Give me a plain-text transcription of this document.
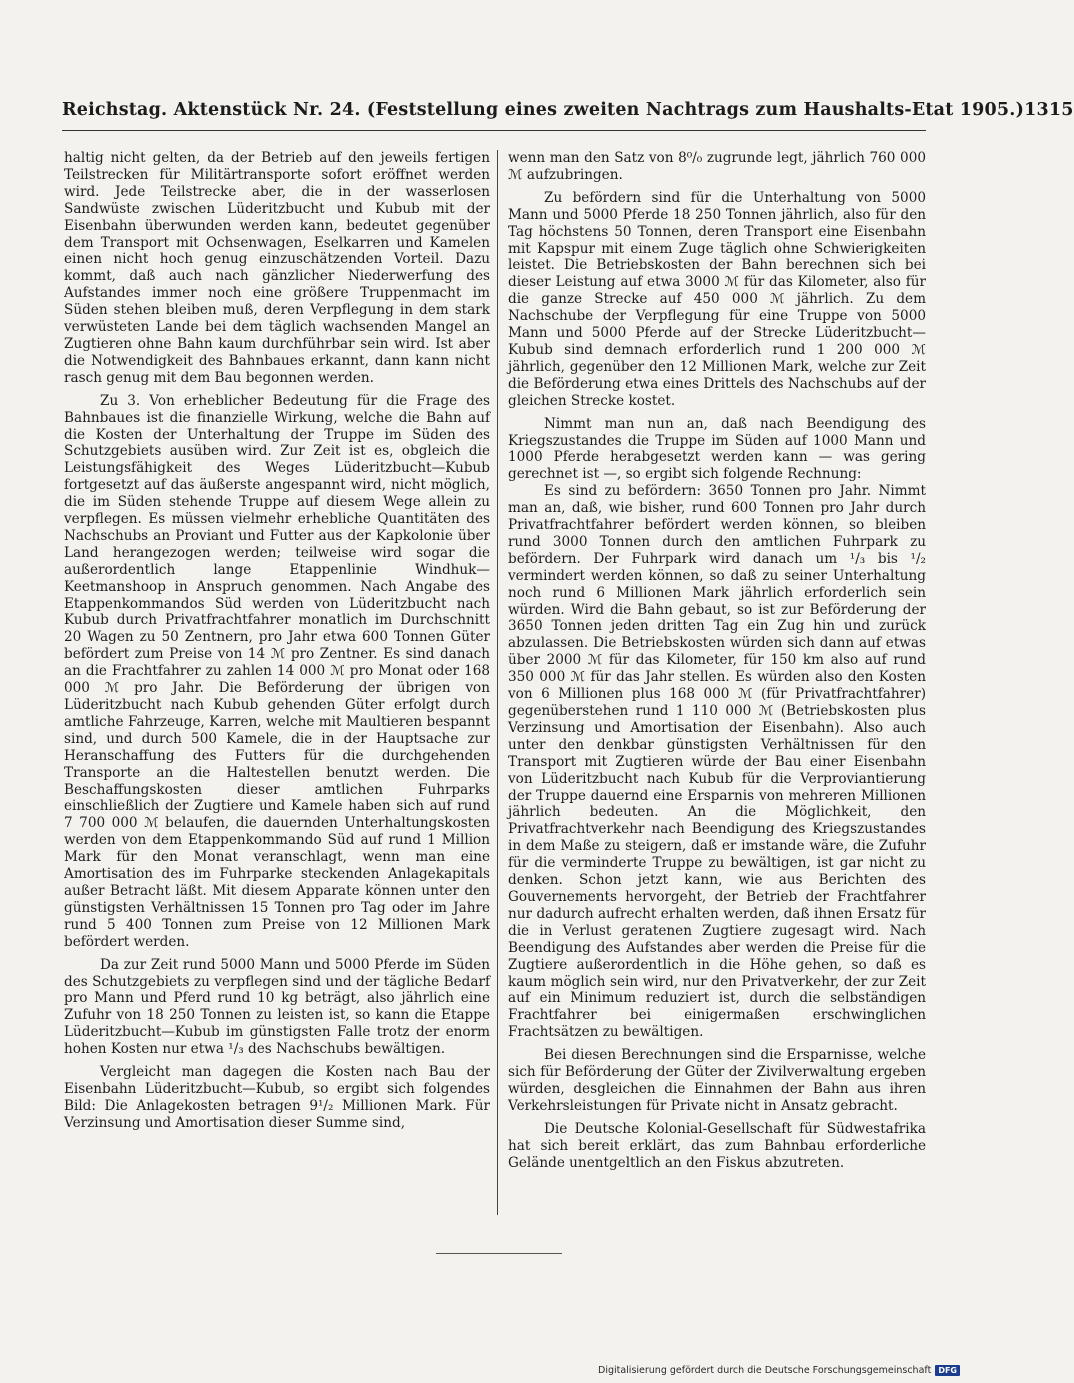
Reichstag. Aktenstück Nr. 24. (Feststellung eines zweiten Nachtrags zum Haushalts-Etat 1905.) 1315

haltig nicht gelten, da der Betrieb auf den jeweils fertigen Teilstrecken für Militärtransporte sofort eröffnet werden wird. Jede Teilstrecke aber, die in der wasserlosen Sandwüste zwischen Lüderitzbucht und Kubub mit der Eisenbahn überwunden werden kann, bedeutet gegenüber dem Transport mit Ochsenwagen, Eselkarren und Kamelen einen nicht hoch genug einzuschätzenden Vorteil. Dazu kommt, daß auch nach gänzlicher Niederwerfung des Aufstandes immer noch eine größere Truppenmacht im Süden stehen bleiben muß, deren Verpflegung in dem stark verwüsteten Lande bei dem täglich wachsenden Mangel an Zugtieren ohne Bahn kaum durchführbar sein wird. Ist aber die Notwendigkeit des Bahnbaues erkannt, dann kann nicht rasch genug mit dem Bau begonnen werden.

Zu 3. Von erheblicher Bedeutung für die Frage des Bahnbaues ist die finanzielle Wirkung, welche die Bahn auf die Kosten der Unterhaltung der Truppe im Süden des Schutzgebiets ausüben wird. Zur Zeit ist es, obgleich die Leistungsfähigkeit des Weges Lüderitzbucht—Kubub fortgesetzt auf das äußerste angespannt wird, nicht möglich, die im Süden stehende Truppe auf diesem Wege allein zu verpflegen. Es müssen vielmehr erhebliche Quantitäten des Nachschubs an Proviant und Futter aus der Kapkolonie über Land herangezogen werden; teilweise wird sogar die außerordentlich lange Etappenlinie Windhuk—Keetmanshoop in Anspruch genommen. Nach Angabe des Etappenkommandos Süd werden von Lüderitzbucht nach Kubub durch Privatfrachtfahrer monatlich im Durchschnitt 20 Wagen zu 50 Zentnern, pro Jahr etwa 600 Tonnen Güter befördert zum Preise von 14 ℳ pro Zentner. Es sind danach an die Frachtfahrer zu zahlen 14 000 ℳ pro Monat oder 168 000 ℳ pro Jahr. Die Beförderung der übrigen von Lüderitzbucht nach Kubub gehenden Güter erfolgt durch amtliche Fahrzeuge, Karren, welche mit Maultieren bespannt sind, und durch 500 Kamele, die in der Hauptsache zur Heranschaffung des Futters für die durchgehenden Transporte an die Haltestellen benutzt werden. Die Beschaffungskosten dieser amtlichen Fuhrparks einschließlich der Zugtiere und Kamele haben sich auf rund 7 700 000 ℳ belaufen, die dauernden Unterhaltungskosten werden von dem Etappenkommando Süd auf rund 1 Million Mark für den Monat veranschlagt, wenn man eine Amortisation des im Fuhrparke steckenden Anlagekapitals außer Betracht läßt. Mit diesem Apparate können unter den günstigsten Verhältnissen 15 Tonnen pro Tag oder im Jahre rund 5 400 Tonnen zum Preise von 12 Millionen Mark befördert werden.

Da zur Zeit rund 5000 Mann und 5000 Pferde im Süden des Schutzgebiets zu verpflegen sind und der tägliche Bedarf pro Mann und Pferd rund 10 kg beträgt, also jährlich eine Zufuhr von 18 250 Tonnen zu leisten ist, so kann die Etappe Lüderitzbucht—Kubub im günstigsten Falle trotz der enorm hohen Kosten nur etwa ¹/₃ des Nachschubs bewältigen.

Vergleicht man dagegen die Kosten nach Bau der Eisenbahn Lüderitzbucht—Kubub, so ergibt sich folgendes Bild: Die Anlagekosten betragen 9¹/₂ Millionen Mark. Für Verzinsung und Amortisation dieser Summe sind,

wenn man den Satz von 8⁰/₀ zugrunde legt, jährlich 760 000 ℳ aufzubringen.

Zu befördern sind für die Unterhaltung von 5000 Mann und 5000 Pferde 18 250 Tonnen jährlich, also für den Tag höchstens 50 Tonnen, deren Transport eine Eisenbahn mit Kapspur mit einem Zuge täglich ohne Schwierigkeiten leistet. Die Betriebskosten der Bahn berechnen sich bei dieser Leistung auf etwa 3000 ℳ für das Kilometer, also für die ganze Strecke auf 450 000 ℳ jährlich. Zu dem Nachschube der Verpflegung für eine Truppe von 5000 Mann und 5000 Pferde auf der Strecke Lüderitzbucht—Kubub sind demnach erforderlich rund 1 200 000 ℳ jährlich, gegenüber den 12 Millionen Mark, welche zur Zeit die Beförderung etwa eines Drittels des Nachschubs auf der gleichen Strecke kostet.

Nimmt man nun an, daß nach Beendigung des Kriegszustandes die Truppe im Süden auf 1000 Mann und 1000 Pferde herabgesetzt werden kann — was gering gerechnet ist —, so ergibt sich folgende Rechnung:

Es sind zu befördern: 3650 Tonnen pro Jahr. Nimmt man an, daß, wie bisher, rund 600 Tonnen pro Jahr durch Privatfrachtfahrer befördert werden können, so bleiben rund 3000 Tonnen durch den amtlichen Fuhrpark zu befördern. Der Fuhrpark wird danach um ¹/₃ bis ¹/₂ vermindert werden können, so daß zu seiner Unterhaltung noch rund 6 Millionen Mark jährlich erforderlich sein würden. Wird die Bahn gebaut, so ist zur Beförderung der 3650 Tonnen jeden dritten Tag ein Zug hin und zurück abzulassen. Die Betriebskosten würden sich dann auf etwas über 2000 ℳ für das Kilometer, für 150 km also auf rund 350 000 ℳ für das Jahr stellen. Es würden also den Kosten von 6 Millionen plus 168 000 ℳ (für Privatfrachtfahrer) gegenüberstehen rund 1 110 000 ℳ (Betriebskosten plus Verzinsung und Amortisation der Eisenbahn). Also auch unter den denkbar günstigsten Verhältnissen für den Transport mit Zugtieren würde der Bau einer Eisenbahn von Lüderitzbucht nach Kubub für die Verproviantierung der Truppe dauernd eine Ersparnis von mehreren Millionen jährlich bedeuten. An die Möglichkeit, den Privatfrachtverkehr nach Beendigung des Kriegszustandes in dem Maße zu steigern, daß er imstande wäre, die Zufuhr für die verminderte Truppe zu bewältigen, ist gar nicht zu denken. Schon jetzt kann, wie aus Berichten des Gouvernements hervorgeht, der Betrieb der Frachtfahrer nur dadurch aufrecht erhalten werden, daß ihnen Ersatz für die in Verlust geratenen Zugtiere zugesagt wird. Nach Beendigung des Aufstandes aber werden die Preise für die Zugtiere außerordentlich in die Höhe gehen, so daß es kaum möglich sein wird, nur den Privatverkehr, der zur Zeit auf ein Minimum reduziert ist, durch die selbständigen Frachtfahrer bei einigermaßen erschwinglichen Frachtsätzen zu bewältigen.

Bei diesen Berechnungen sind die Ersparnisse, welche sich für Beförderung der Güter der Zivilverwaltung ergeben würden, desgleichen die Einnahmen der Bahn aus ihren Verkehrsleistungen für Private nicht in Ansatz gebracht.

Die Deutsche Kolonial-Gesellschaft für Südwestafrika hat sich bereit erklärt, das zum Bahnbau erforderliche Gelände unentgeltlich an den Fiskus abzutreten.

Digitalisierung gefördert durch die Deutsche Forschungsgemeinschaft DFG
